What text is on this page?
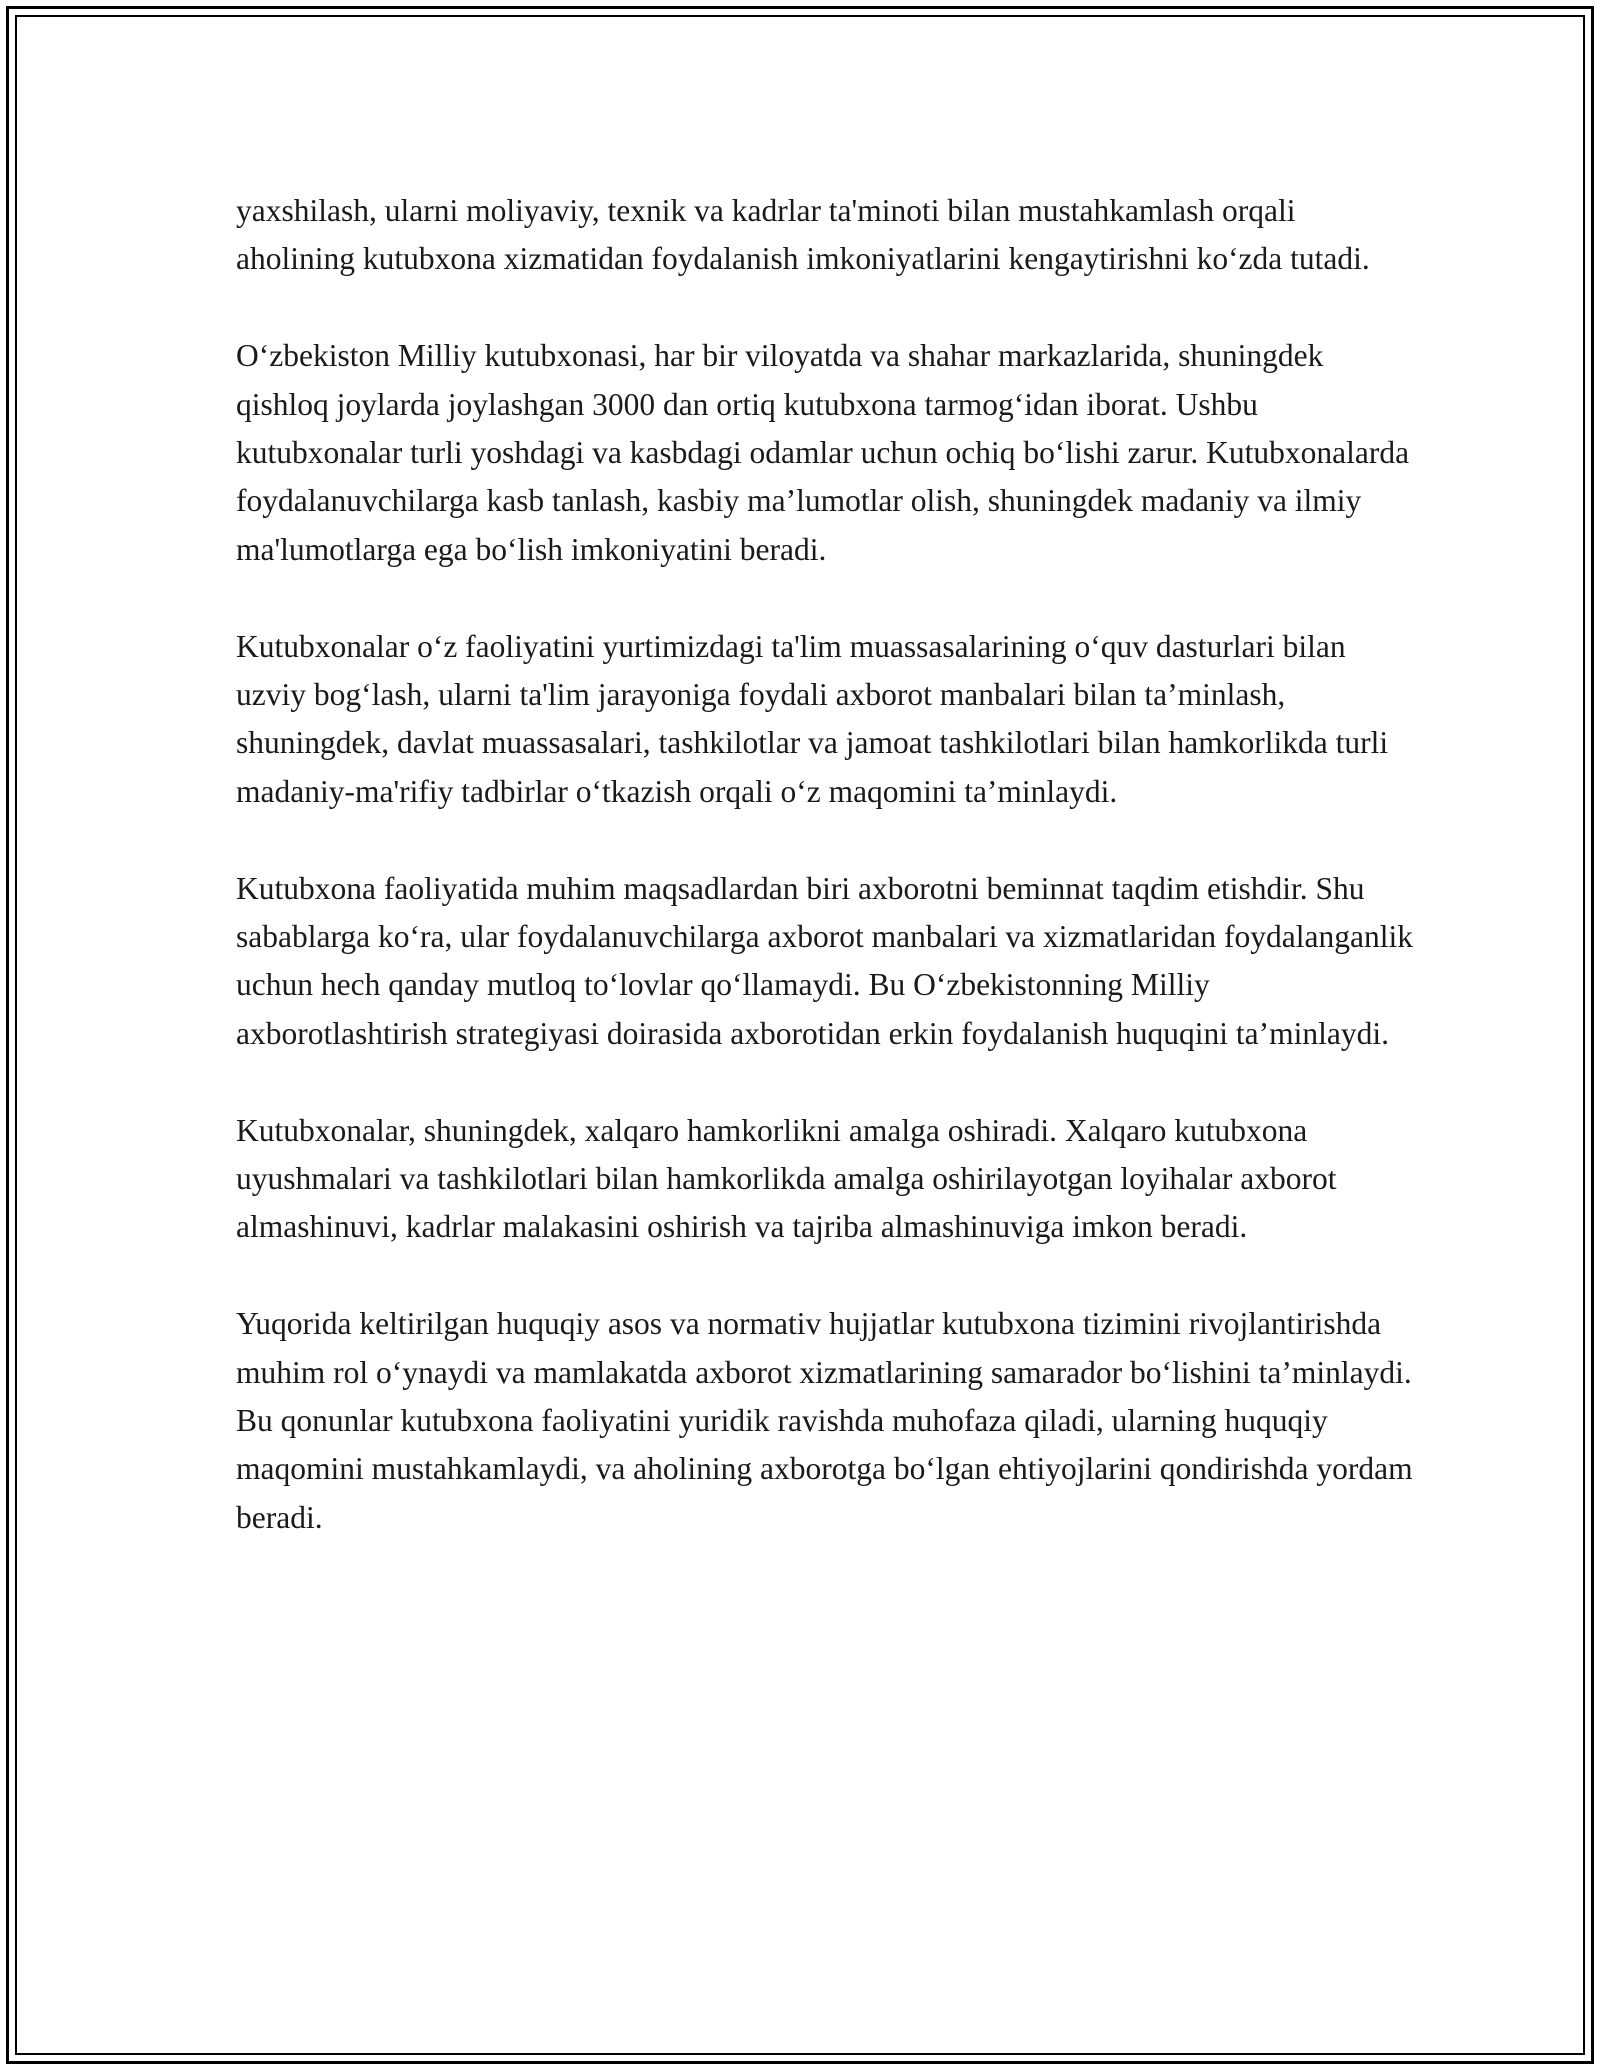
yaxshilash, ularni moliyaviy, texnik va kadrlar ta'minoti bilan mustahkamlash orqali aholining kutubxona xizmatidan foydalanish imkoniyatlarini kengaytirishni ko‘zda tutadi.

O‘zbekiston Milliy kutubxonasi, har bir viloyatda va shahar markazlarida, shuningdek qishloq joylarda joylashgan 3000 dan ortiq kutubxona tarmog‘idan iborat. Ushbu kutubxonalar turli yoshdagi va kasbdagi odamlar uchun ochiq bo‘lishi zarur. Kutubxonalarda foydalanuvchilarga kasb tanlash, kasbiy ma’lumotlar olish, shuningdek madaniy va ilmiy ma'lumotlarga ega bo‘lish imkoniyatini beradi.

Kutubxonalar o‘z faoliyatini yurtimizdagi ta'lim muassasalarining o‘quv dasturlari bilan uzviy bog‘lash, ularni ta'lim jarayoniga foydali axborot manbalari bilan ta’minlash, shuningdek, davlat muassasalari, tashkilotlar va jamoat tashkilotlari bilan hamkorlikda turli madaniy-ma'rifiy tadbirlar o‘tkazish orqali o‘z maqomini ta’minlaydi.

Kutubxona faoliyatida muhim maqsadlardan biri axborotni beminnat taqdim etishdir. Shu sabablarga ko‘ra, ular foydalanuvchilarga axborot manbalari va xizmatlaridan foydalanganlik uchun hech qanday mutloq to‘lovlar qo‘llamaydi. Bu O‘zbekistonning Milliy axborotlashtirish strategiyasi doirasida axborotidan erkin foydalanish huquqini ta’minlaydi.

Kutubxonalar, shuningdek, xalqaro hamkorlikni amalga oshiradi. Xalqaro kutubxona uyushmalari va tashkilotlari bilan hamkorlikda amalga oshirilayotgan loyihalar axborot almashinuvi, kadrlar malakasini oshirish va tajriba almashinuviga imkon beradi.

Yuqorida keltirilgan huquqiy asos va normativ hujjatlar kutubxona tizimini rivojlantirishda muhim rol o‘ynaydi va mamlakatda axborot xizmatlarining samarador bo‘lishini ta’minlaydi. Bu qonunlar kutubxona faoliyatini yuridik ravishda muhofaza qiladi, ularning huquqiy maqomini mustahkamlaydi, va aholining axborotga bo‘lgan ehtiyojlarini qondirishda yordam beradi.
